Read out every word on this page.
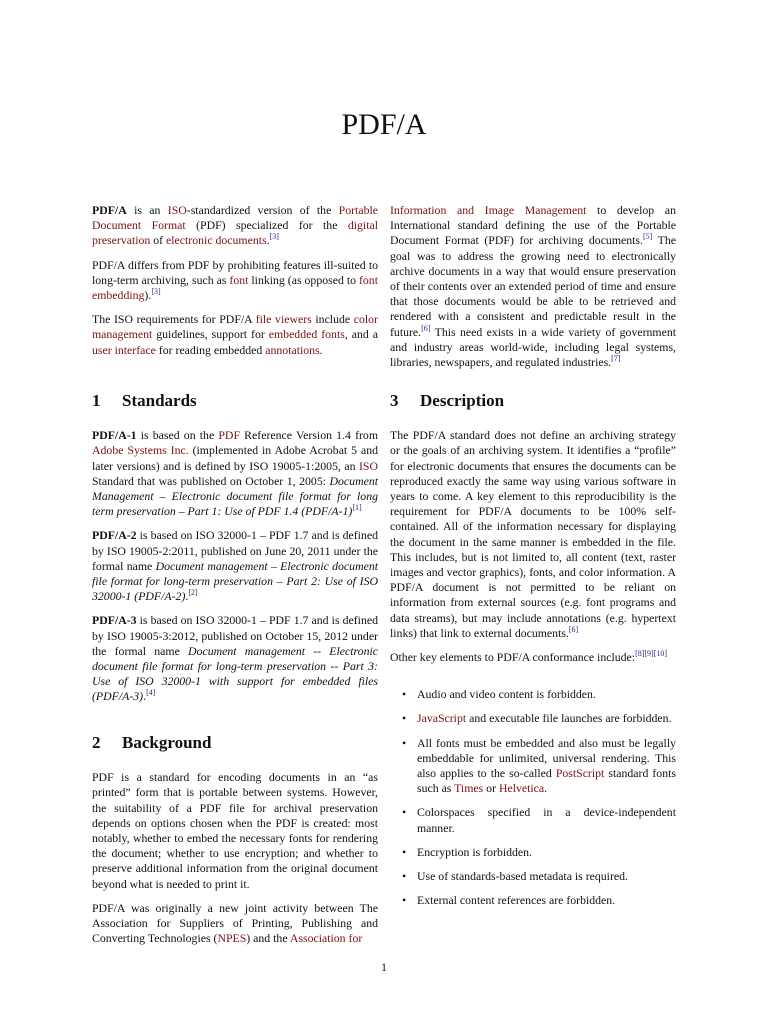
PDF/A

PDF/A is an ISO-standardized version of the Portable Document Format (PDF) specialized for the digital preservation of electronic documents.[3]

PDF/A differs from PDF by prohibiting features ill-suited to long-term archiving, such as font linking (as opposed to font embedding).[3]

The ISO requirements for PDF/A file viewers include color management guidelines, support for embedded fonts, and a user interface for reading embedded annotations.

Information and Image Management to develop an International standard defining the use of the Portable Document Format (PDF) for archiving documents.[5] The goal was to address the growing need to electronically archive documents in a way that would ensure preservation of their contents over an extended period of time and ensure that those documents would be able to be retrieved and rendered with a consistent and predictable result in the future.[6] This need exists in a wide variety of government and industry areas world-wide, including legal systems, libraries, newspapers, and regulated industries.[7]

1 Standards

PDF/A-1 is based on the PDF Reference Version 1.4 from Adobe Systems Inc. (implemented in Adobe Acrobat 5 and later versions) and is defined by ISO 19005-1:2005, an ISO Standard that was published on October 1, 2005: Document Management – Electronic document file format for long term preservation – Part 1: Use of PDF 1.4 (PDF/A-1)[1]

PDF/A-2 is based on ISO 32000-1 – PDF 1.7 and is defined by ISO 19005-2:2011, published on June 20, 2011 under the formal name Document management – Electronic document file format for long-term preservation – Part 2: Use of ISO 32000-1 (PDF/A-2).[2]

PDF/A-3 is based on ISO 32000-1 – PDF 1.7 and is defined by ISO 19005-3:2012, published on October 15, 2012 under the formal name Document management -- Electronic document file format for long-term preservation -- Part 3: Use of ISO 32000-1 with support for embedded files (PDF/A-3).[4]

2 Background

PDF is a standard for encoding documents in an “as printed” form that is portable between systems. However, the suitability of a PDF file for archival preservation depends on options chosen when the PDF is created: most notably, whether to embed the necessary fonts for rendering the document; whether to use encryption; and whether to preserve additional information from the original document beyond what is needed to print it.

PDF/A was originally a new joint activity between The Association for Suppliers of Printing, Publishing and Converting Technologies (NPES) and the Association for

3 Description

The PDF/A standard does not define an archiving strategy or the goals of an archiving system. It identifies a “profile” for electronic documents that ensures the documents can be reproduced exactly the same way using various software in years to come. A key element to this reproducibility is the requirement for PDF/A documents to be 100% self-contained. All of the information necessary for displaying the document in the same manner is embedded in the file. This includes, but is not limited to, all content (text, raster images and vector graphics), fonts, and color information. A PDF/A document is not permitted to be reliant on information from external sources (e.g. font programs and data streams), but may include annotations (e.g. hypertext links) that link to external documents.[6]

Other key elements to PDF/A conformance include:[8][9][10]

• Audio and video content is forbidden.
• JavaScript and executable file launches are forbidden.
• All fonts must be embedded and also must be legally embeddable for unlimited, universal rendering. This also applies to the so-called PostScript standard fonts such as Times or Helvetica.
• Colorspaces specified in a device-independent manner.
• Encryption is forbidden.
• Use of standards-based metadata is required.
• External content references are forbidden.
1
